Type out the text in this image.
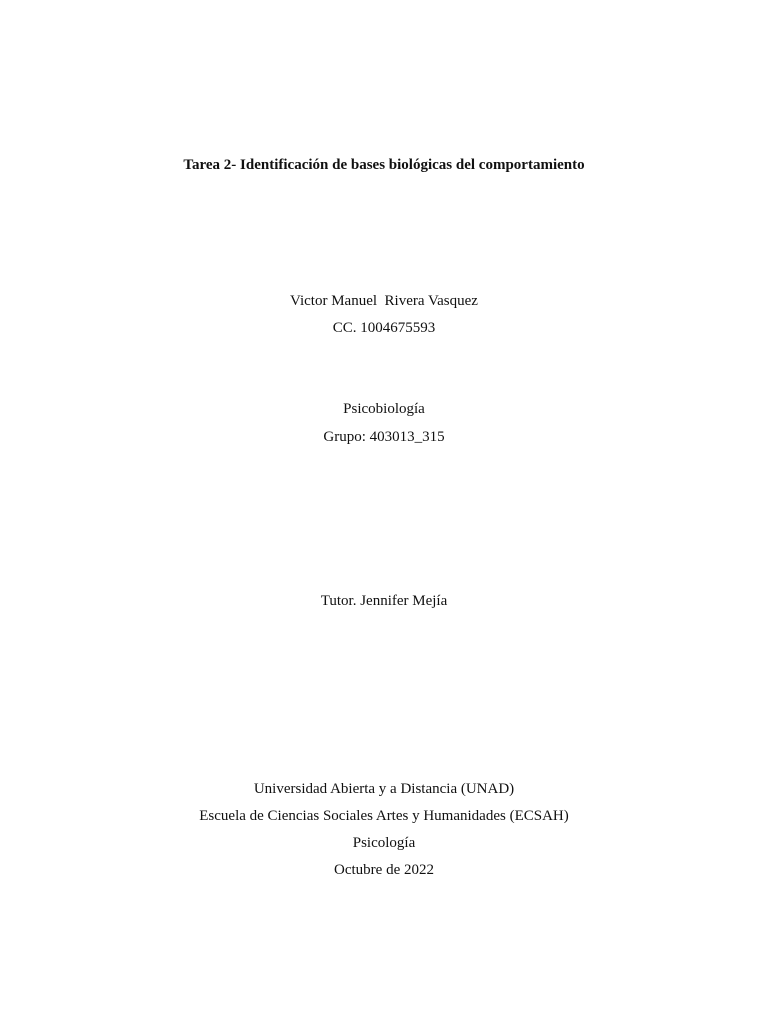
Tarea 2- Identificación de bases biológicas del comportamiento
Victor Manuel  Rivera Vasquez
CC. 1004675593
Psicobiología
Grupo: 403013_315
Tutor. Jennifer Mejía
Universidad Abierta y a Distancia (UNAD)
Escuela de Ciencias Sociales Artes y Humanidades (ECSAH)
Psicología
Octubre de 2022
